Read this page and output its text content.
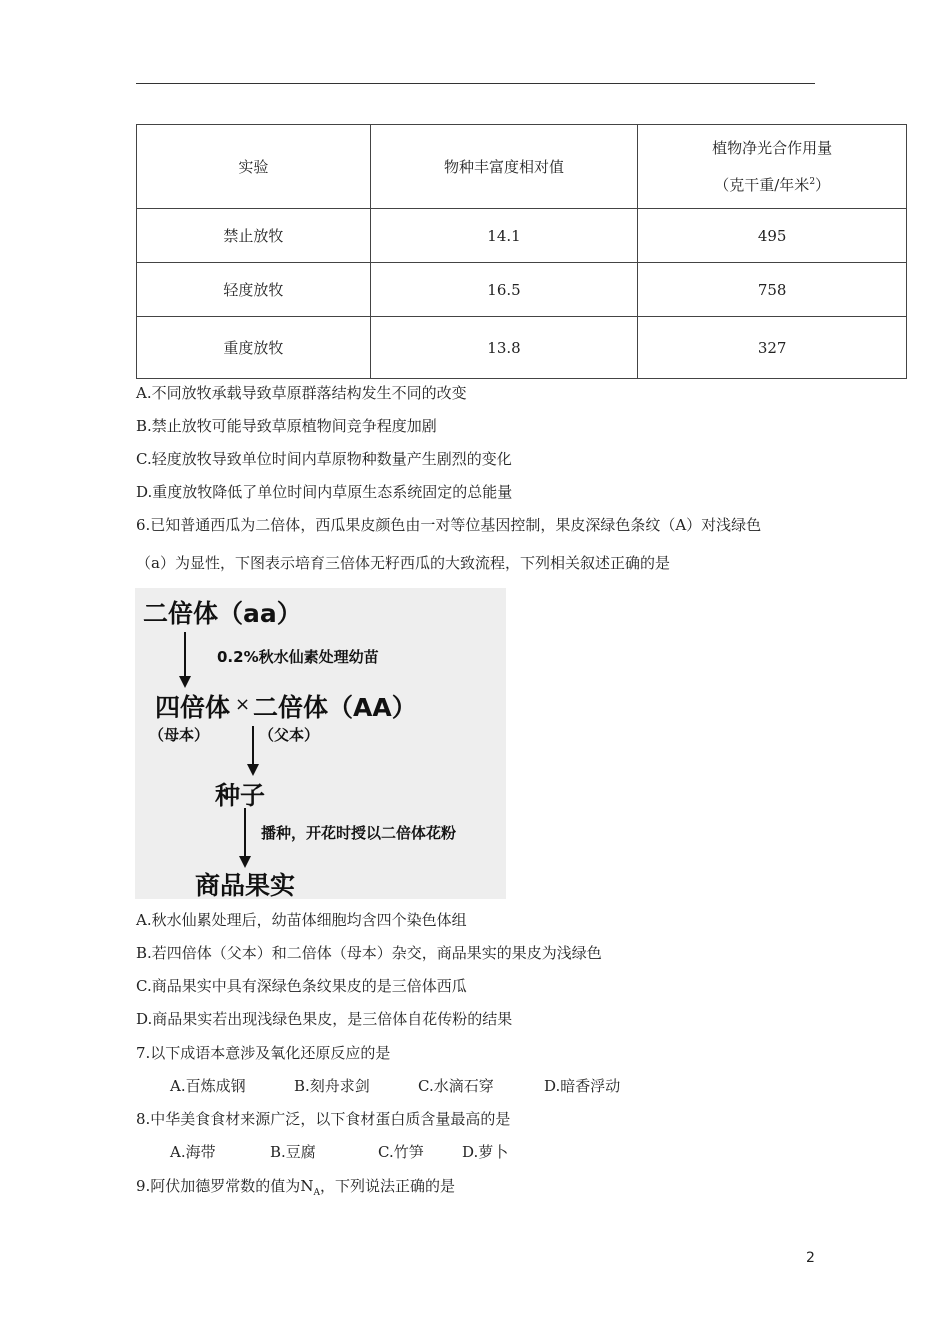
实验	物种丰富度相对值	植物净光合作用量
（克干重/年米$^2$）

禁止放牧	14.1	495
轻度放牧	16.5	758
重度放牧	13.8	327
A.不同放牧承载导致草原群落结构发生不同的改变
B.禁止放牧可能导致草原植物间竞争程度加剧
C.轻度放牧导致单位时间内草原物种数量产生剧烈的变化
D.重度放牧降低了单位时间内草原生态系统固定的总能量
6.已知普通西瓜为二倍体，西瓜果皮颜色由一对等位基因控制，果皮深绿色条纹（A）对浅绿色
（a）为显性，下图表示培育三倍体无籽西瓜的大致流程，下列相关叙述正确的是
二倍体（aa）
0.2%秋水仙素处理幼苗
四倍体 × 二倍体（AA）
（母本）	（父本）
种子
播种，开花时授以二倍体花粉
商品果实
A.秋水仙累处理后，幼苗体细胞均含四个染色体组
B.若四倍体（父本）和二倍体（母本）杂交，商品果实的果皮为浅绿色
C.商品果实中具有深绿色条纹果皮的是三倍体西瓜
D.商品果实若出现浅绿色果皮，是三倍体自花传粉的结果
7.以下成语本意涉及氧化还原反应的是
A.百炼成钢	B.刻舟求剑	C.水滴石穿	D.暗香浮动
8.中华美食食材来源广泛，以下食材蛋白质含量最高的是
A.海带	B.豆腐	C.竹笋	D.萝卜
9.阿伏加德罗常数的值为$N_A$，下列说法正确的是
2
